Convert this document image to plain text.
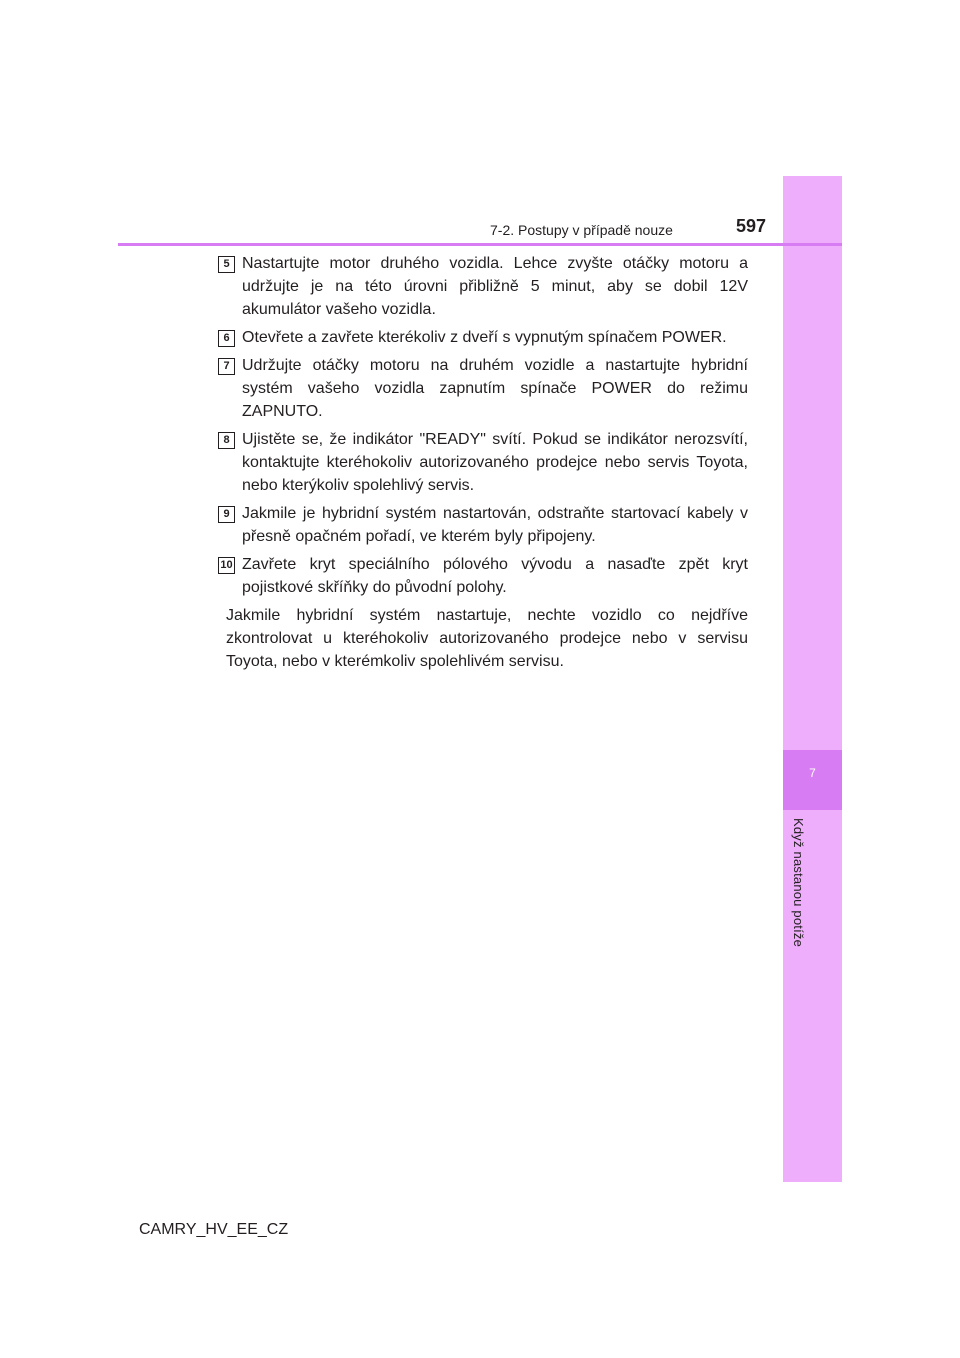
7
Když nastanou potíže
7-2. Postupy v případě nouze	597
5 Nastartujte motor druhého vozidla. Lehce zvyšte otáčky motoru a udržujte je na této úrovni přibližně 5 minut, aby se dobil 12V akumulátor vašeho vozidla.

6 Otevřete a zavřete kterékoliv z dveří s vypnutým spínačem POWER.

7 Udržujte otáčky motoru na druhém vozidle a nastartujte hybridní systém vašeho vozidla zapnutím spínače POWER do režimu ZAPNUTO.

8 Ujistěte se, že indikátor "READY" svítí. Pokud se indikátor nerozsvítí, kontaktujte kteréhokoliv autorizovaného prodejce nebo servis Toyota, nebo kterýkoliv spolehlivý servis.

9 Jakmile je hybridní systém nastartován, odstraňte startovací kabely v přesně opačném pořadí, ve kterém byly připojeny.

10 Zavřete kryt speciálního pólového vývodu a nasaďte zpět kryt pojistkové skříňky do původní polohy.

Jakmile hybridní systém nastartuje, nechte vozidlo co nejdříve zkontrolovat u kteréhokoliv autorizovaného prodejce nebo v servisu Toyota, nebo v kterémkoliv spolehlivém servisu.

CAMRY_HV_EE_CZ
